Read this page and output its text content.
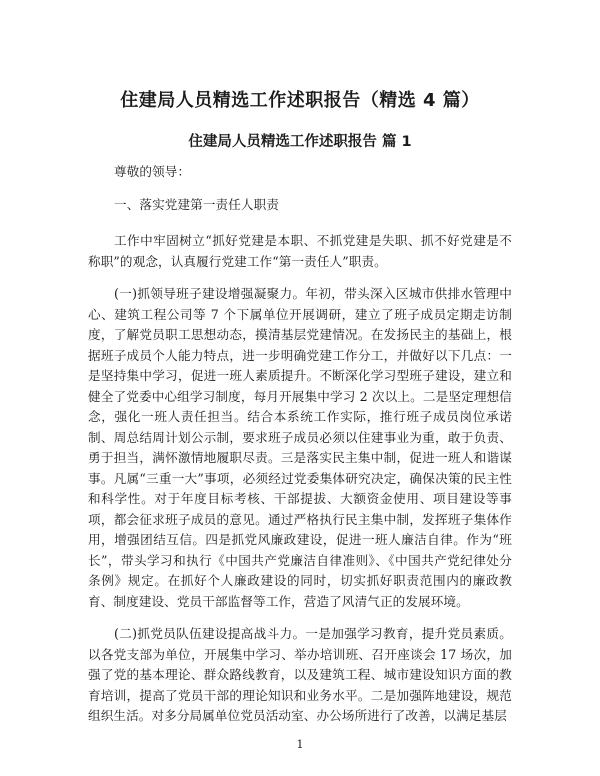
住建局人员精选工作述职报告（精选 4 篇）
住建局人员精选工作述职报告 篇 1

尊敬的领导：

一、落实党建第一责任人职责

工作中牢固树立“抓好党建是本职、不抓党建是失职、抓不好党建是不称职”的观念，认真履行党建工作“第一责任人”职责。

(一)抓领导班子建设增强凝聚力。年初，带头深入区城市供排水管理中心、建筑工程公司等 7 个下属单位开展调研，建立了班子成员定期走访制度，了解党员职工思想动态，摸清基层党建情况。在发扬民主的基础上，根据班子成员个人能力特点，进一步明确党建工作分工，并做好以下几点：一是坚持集中学习，促进一班人素质提升。不断深化学习型班子建设，建立和健全了党委中心组学习制度，每月开展集中学习 2 次以上。二是坚定理想信念，强化一班人责任担当。结合本系统工作实际，推行班子成员岗位承诺制、周总结周计划公示制，要求班子成员必须以住建事业为重，敢于负责、勇于担当，满怀激情地履职尽责。三是落实民主集中制，促进一班人和谐谋事。凡属“三重一大”事项，必须经过党委集体研究决定，确保决策的民主性和科学性。对于年度目标考核、干部提拔、大额资金使用、项目建设等事项，都会征求班子成员的意见。通过严格执行民主集中制，发挥班子集体作用，增强团结互信。四是抓党风廉政建设，促进一班人廉洁自律。作为“班长”，带头学习和执行《中国共产党廉洁自律准则》、《中国共产党纪律处分条例》规定。在抓好个人廉政建设的同时，切实抓好职责范围内的廉政教育、制度建设、党员干部监督等工作，营造了风清气正的发展环境。

(二)抓党员队伍建设提高战斗力。一是加强学习教育，提升党员素质。以各党支部为单位，开展集中学习、举办培训班、召开座谈会 17 场次，加强了党的基本理论、群众路线教育，以及建筑工程、城市建设知识方面的教育培训，提高了党员干部的理论知识和业务水平。二是加强阵地建设，规范组织生活。对多分局属单位党员活动室、办公场所进行了改善，以满足基层

1
